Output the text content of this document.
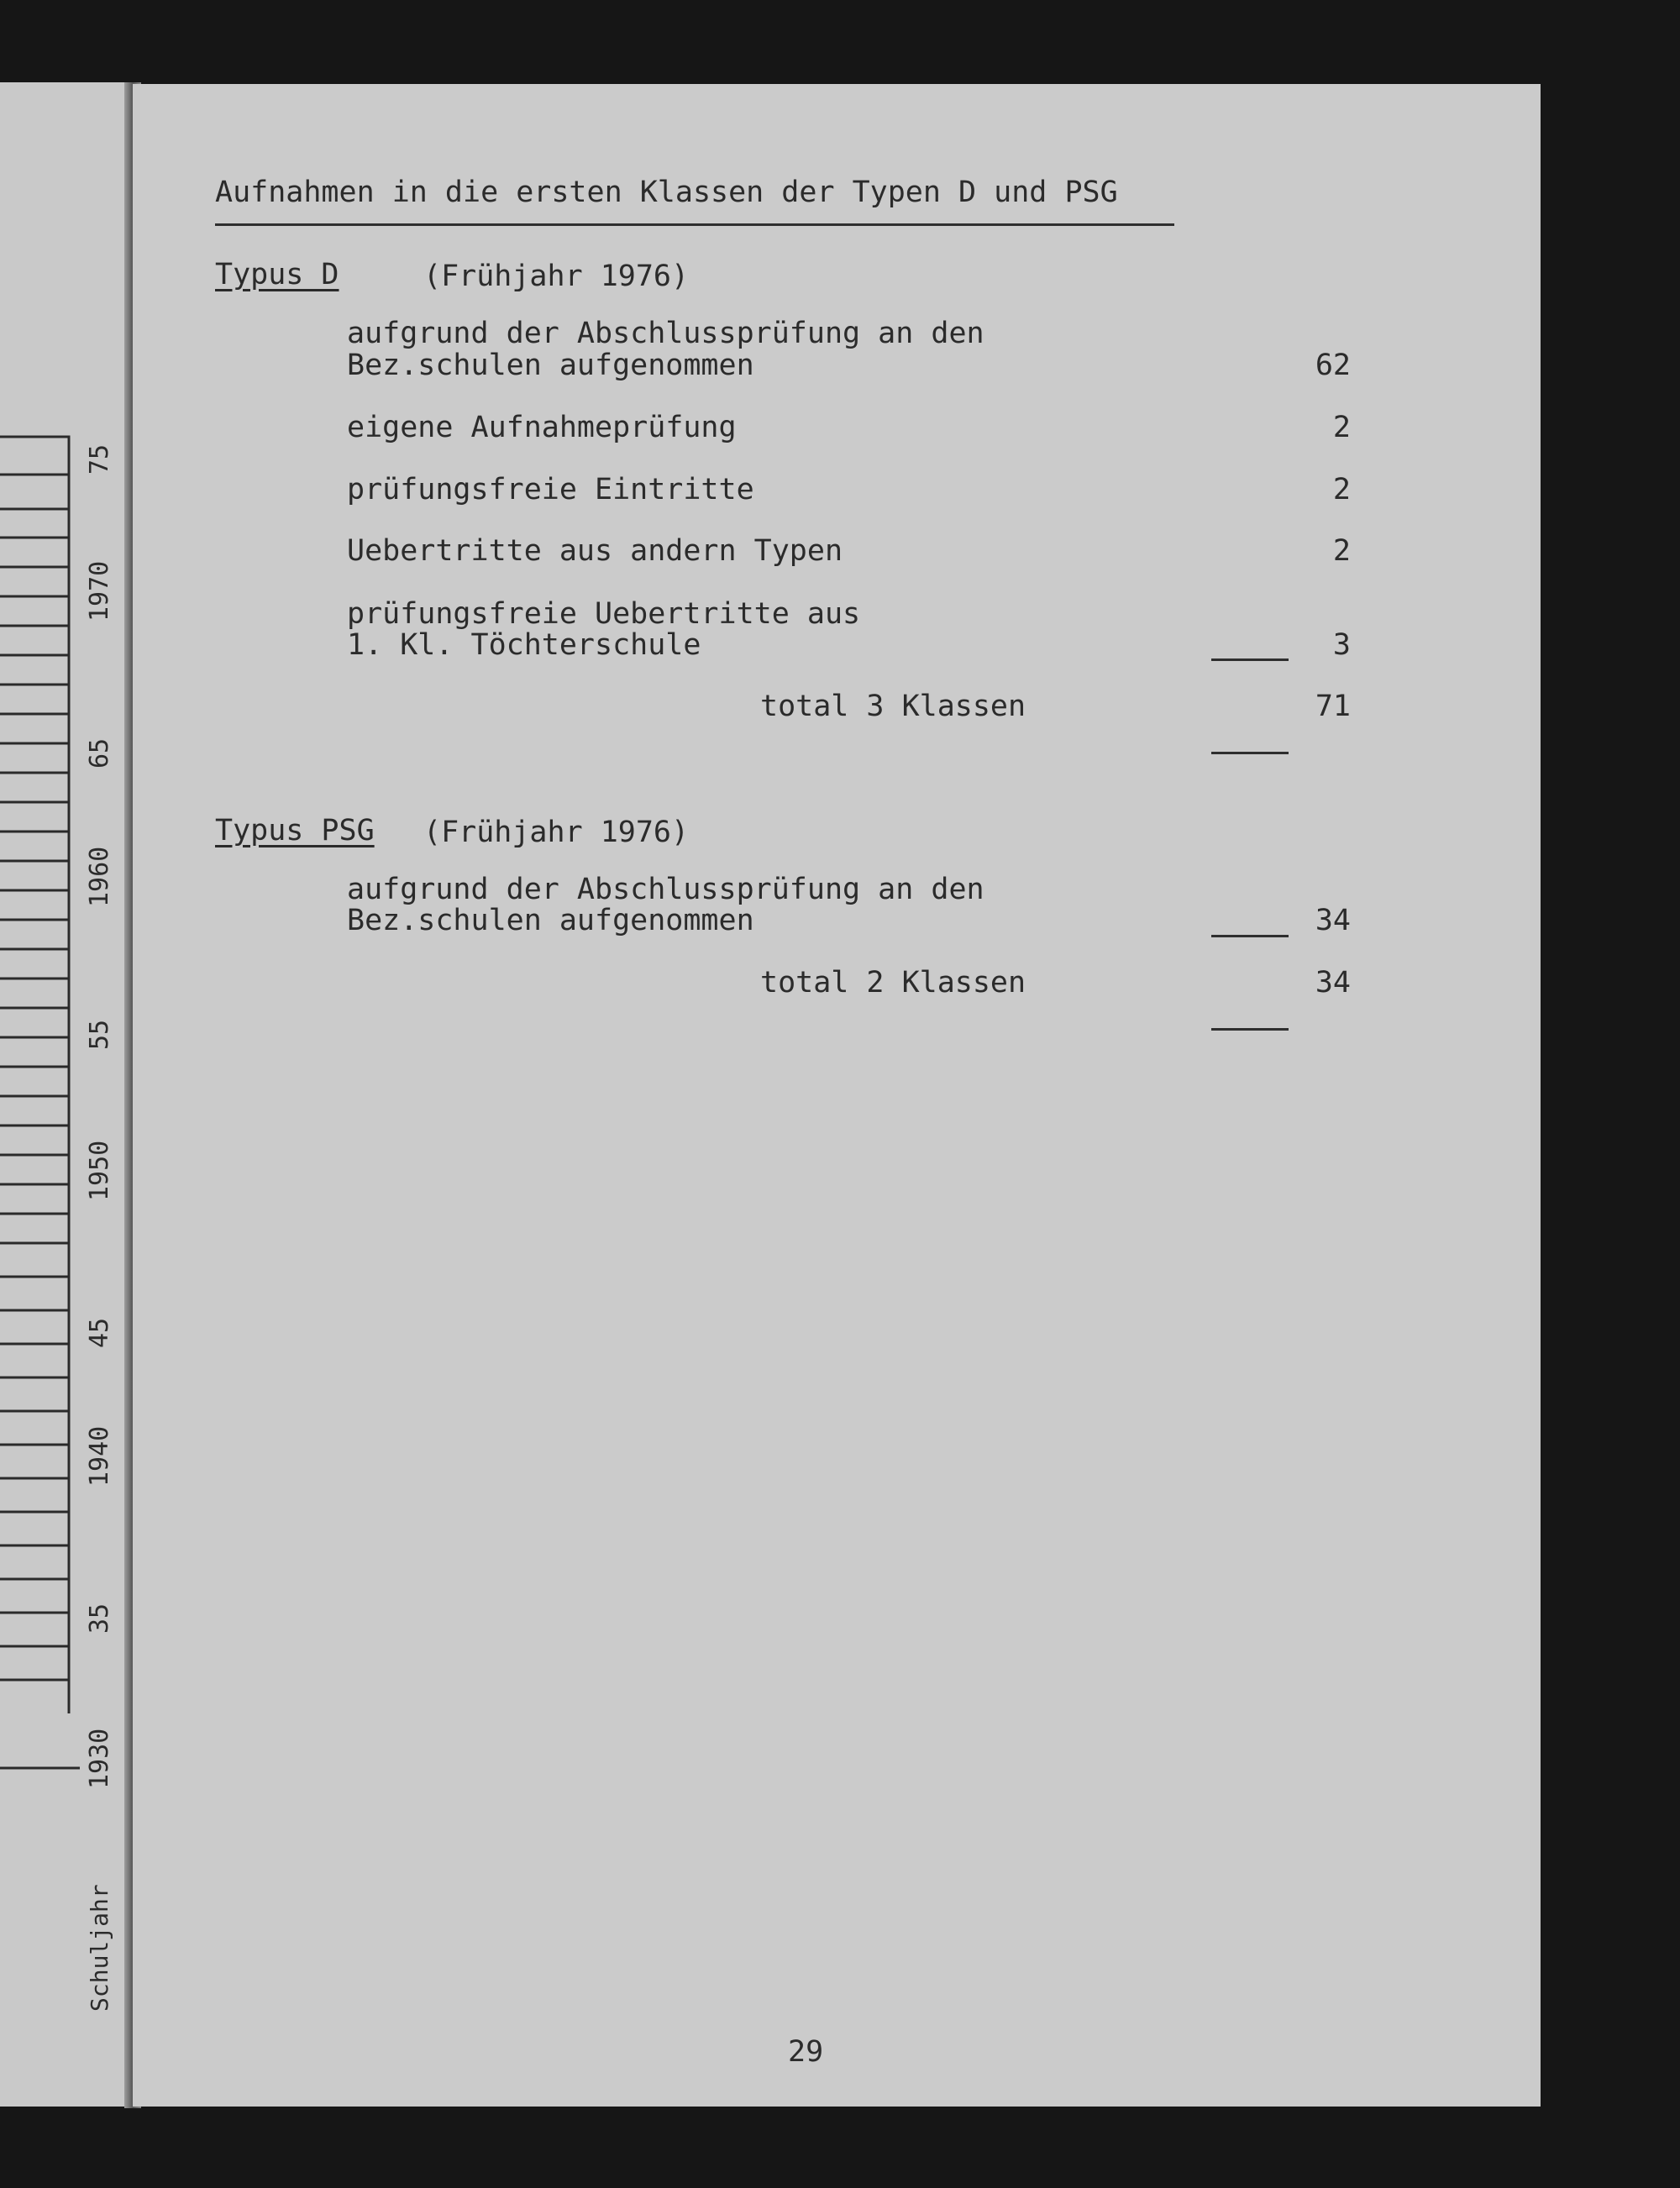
1930
35
1940
45
1950
55
1960
65
1970
75
Schuljahr
Aufnahmen in die ersten Klassen der Typen D und PSG
Typus D	(Frühjahr 1976)
aufgrund der Abschlussprüfung an den
Bez.schulen aufgenommen	62
eigene Aufnahmeprüfung	2
prüfungsfreie Eintritte	2
Uebertritte aus andern Typen	2
prüfungsfreie Uebertritte aus
1. Kl. Töchterschule	3
total 3 Klassen	71
Typus PSG (Frühjahr 1976)
aufgrund der Abschlussprüfung an den
Bez.schulen aufgenommen	34
total 2 Klassen	34
29
